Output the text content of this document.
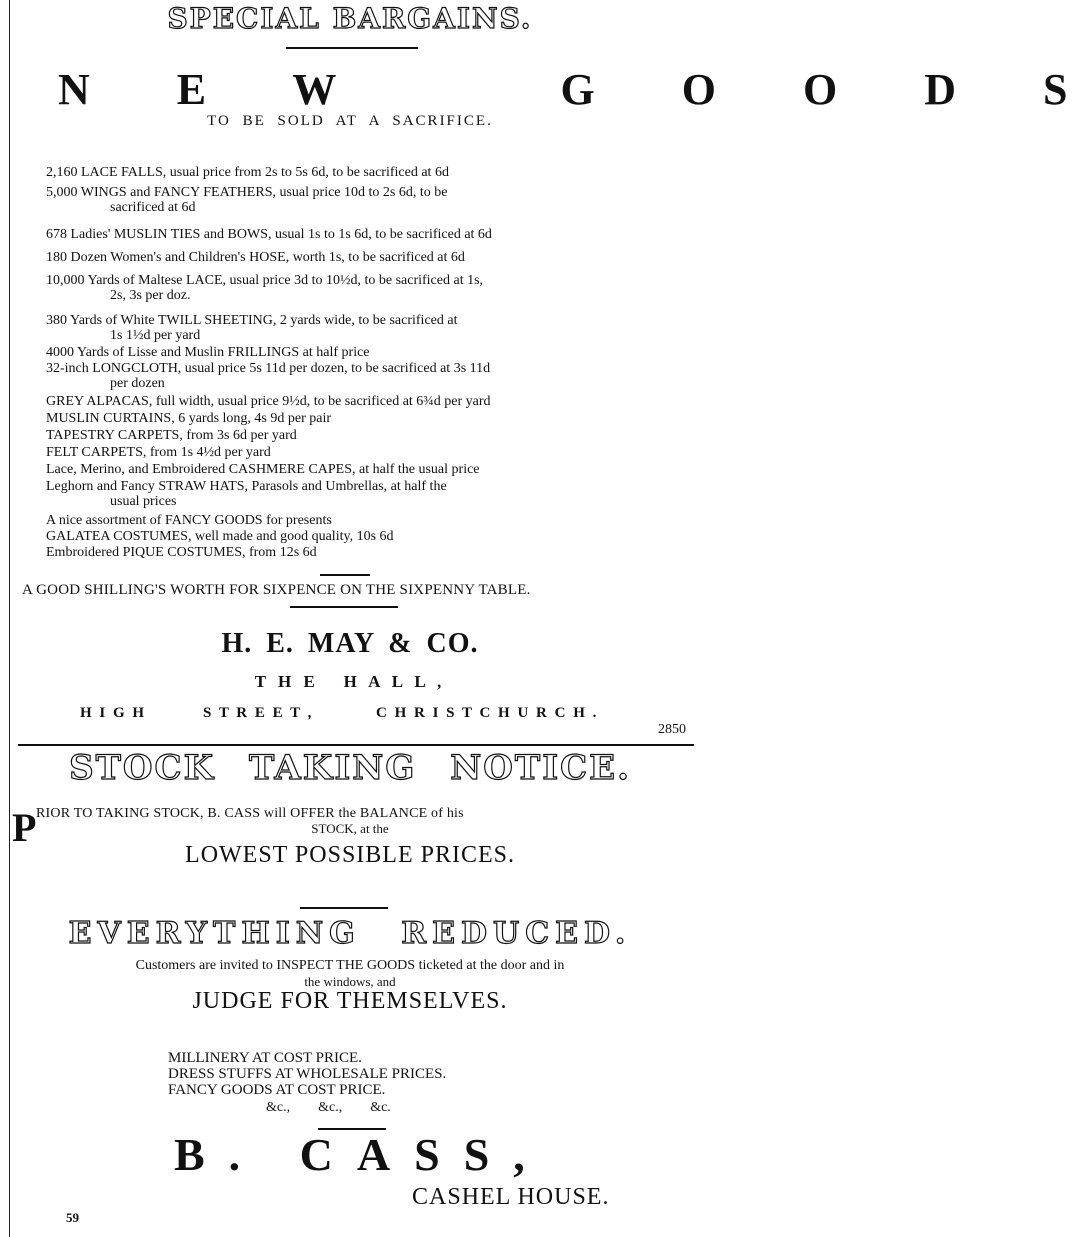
SPECIAL BARGAINS.
N E W   G O O D S
TO BE SOLD AT A SACRIFICE.
2,160 LACE FALLS, usual price from 2s to 5s 6d, to be sacrificed at 6d
5,000 WINGS and FANCY FEATHERS, usual price 10d to 2s 6d, to be
sacrificed at 6d
678 Ladies' MUSLIN TIES and BOWS, usual 1s to 1s 6d, to be sacrificed at 6d
180 Dozen Women's and Children's HOSE, worth 1s, to be sacrificed at 6d
10,000 Yards of Maltese LACE, usual price 3d to 10½d, to be sacrificed at 1s,
2s, 3s per doz.
380 Yards of White TWILL SHEETING, 2 yards wide, to be sacrificed at
1s 1½d per yard
4000 Yards of Lisse and Muslin FRILLINGS at half price
32-inch LONGCLOTH, usual price 5s 11d per dozen, to be sacrificed at 3s 11d
per dozen
GREY ALPACAS, full width, usual price 9½d, to be sacrificed at 6¾d per yard
MUSLIN CURTAINS, 6 yards long, 4s 9d per pair
TAPESTRY CARPETS, from 3s 6d per yard
FELT CARPETS, from 1s 4½d per yard
Lace, Merino, and Embroidered CASHMERE CAPES, at half the usual price
Leghorn and Fancy STRAW HATS, Parasols and Umbrellas, at half the
usual prices
A nice assortment of FANCY GOODS for presents
GALATEA COSTUMES, well made and good quality, 10s 6d
Embroidered PIQUE COSTUMES, from 12s 6d
A GOOD SHILLING'S WORTH FOR SIXPENCE ON THE SIXPENNY TABLE.
H. E. MAY & CO.
T H E   H A L L ,
H I G H	S T R E E T ,	C H R I S T C H U R C H .
2850
STOCK TAKING NOTICE.
P RIOR TO TAKING STOCK, B. CASS will OFFER the BALANCE of his
STOCK, at the
LOWEST POSSIBLE PRICES.
EVERYTHING REDUCED.
Customers are invited to INSPECT THE GOODS ticketed at the door and in
the windows, and
JUDGE FOR THEMSELVES.
MILLINERY AT COST PRICE.
DRESS STUFFS AT WHOLESALE PRICES.
FANCY GOODS AT COST PRICE.
&c.,        &c.,        &c.
B. CASS,
CASHEL HOUSE.
59
